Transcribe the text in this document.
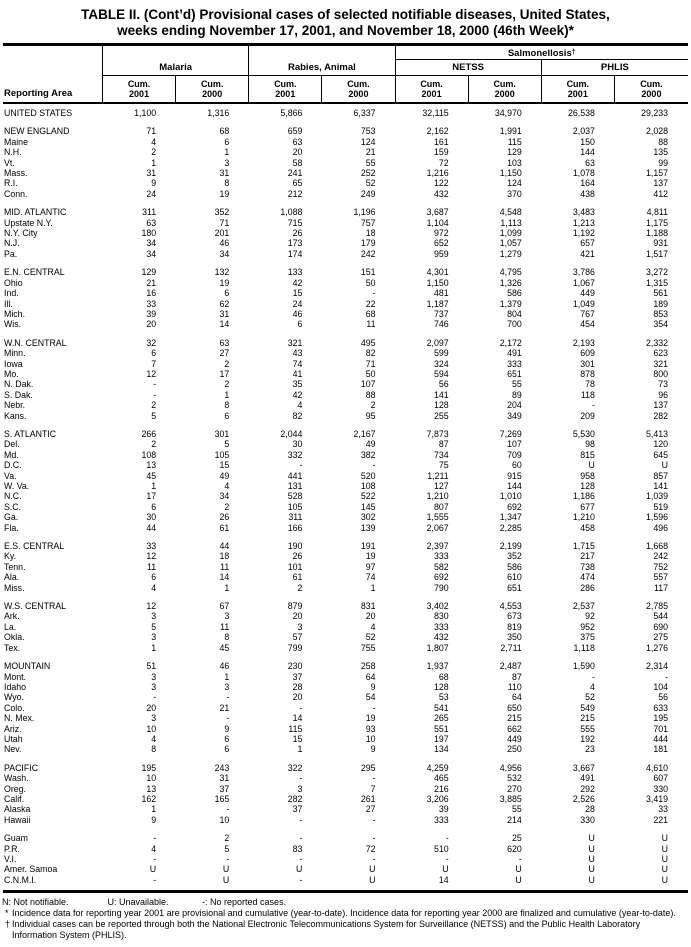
TABLE II. (Cont’d) Provisional cases of selected notifiable diseases, United States,
weeks ending November 17, 2001, and November 18, 2000 (46th Week)*
Salmonellosis†
Malaria	Rabies, Animal	NETSS	PHLIS
Reporting Area
Cum.
2001
Cum.
2000
Cum.
2001
Cum.
2000
Cum.
2001
Cum.
2000
Cum.
2001
Cum.
2000
UNITED STATES	1,100	1,316	5,866	6,337	32,115	34,970	26,538	29,233
NEW ENGLAND	71	68	659	753	2,162	1,991	2,037	2,028
Maine	4	6	63	124	161	115	150	88
N.H.	2	1	20	21	159	129	144	135
Vt.	1	3	58	55	72	103	63	99
Mass.	31	31	241	252	1,216	1,150	1,078	1,157
R.I.	9	8	65	52	122	124	164	137
Conn.	24	19	212	249	432	370	438	412
MID. ATLANTIC	311	352	1,088	1,196	3,687	4,548	3,483	4,811
Upstate N.Y.	63	71	715	757	1,104	1,113	1,213	1,175
N.Y. City	180	201	26	18	972	1,099	1,192	1,188
N.J.	34	46	173	179	652	1,057	657	931
Pa.	34	34	174	242	959	1,279	421	1,517
E.N. CENTRAL	129	132	133	151	4,301	4,795	3,786	3,272
Ohio	21	19	42	50	1,150	1,326	1,067	1,315
Ind.	16	6	15	-	481	586	449	561
Ill.	33	62	24	22	1,187	1,379	1,049	189
Mich.	39	31	46	68	737	804	767	853
Wis.	20	14	6	11	746	700	454	354
W.N. CENTRAL	32	63	321	495	2,097	2,172	2,193	2,332
Minn.	6	27	43	82	599	491	609	623
Iowa	7	2	74	71	324	333	301	321
Mo.	12	17	41	50	594	651	878	800
N. Dak.	-	2	35	107	56	55	78	73
S. Dak.	-	1	42	88	141	89	118	96
Nebr.	2	8	4	2	128	204	-	137
Kans.	5	6	82	95	255	349	209	282
S. ATLANTIC	266	301	2,044	2,167	7,873	7,269	5,530	5,413
Del.	2	5	30	49	87	107	98	120
Md.	108	105	332	382	734	709	815	645
D.C.	13	15	-	-	75	60	U	U
Va.	45	49	441	520	1,211	915	958	857
W. Va.	1	4	131	108	127	144	128	141
N.C.	17	34	528	522	1,210	1,010	1,186	1,039
S.C.	6	2	105	145	807	692	677	519
Ga.	30	26	311	302	1,555	1,347	1,210	1,596
Fla.	44	61	166	139	2,067	2,285	458	496
E.S. CENTRAL	33	44	190	191	2,397	2,199	1,715	1,668
Ky.	12	18	26	19	333	352	217	242
Tenn.	11	11	101	97	582	586	738	752
Ala.	6	14	61	74	692	610	474	557
Miss.	4	1	2	1	790	651	286	117
W.S. CENTRAL	12	67	879	831	3,402	4,553	2,537	2,785
Ark.	3	3	20	20	830	673	92	544
La.	5	11	3	4	333	819	952	690
Okla.	3	8	57	52	432	350	375	275
Tex.	1	45	799	755	1,807	2,711	1,118	1,276
MOUNTAIN	51	46	230	258	1,937	2,487	1,590	2,314
Mont.	3	1	37	64	68	87	-	-
Idaho	3	3	28	9	128	110	4	104
Wyo.	-	-	20	54	53	64	52	56
Colo.	20	21	-	-	541	650	549	633
N. Mex.	3	-	14	19	265	215	215	195
Ariz.	10	9	115	93	551	662	555	701
Utah	4	6	15	10	197	449	192	444
Nev.	8	6	1	9	134	250	23	181
PACIFIC	195	243	322	295	4,259	4,956	3,667	4,610
Wash.	10	31	-	-	465	532	491	607
Oreg.	13	37	3	7	216	270	292	330
Calif.	162	165	282	261	3,206	3,885	2,526	3,419
Alaska	1	-	37	27	39	55	28	33
Hawaii	9	10	-	-	333	214	330	221
Guam	-	2	-	-	-	25	U	U
P.R.	4	5	83	72	510	620	U	U
V.I.	-	-	-	-	-	-	U	U
Amer. Samoa	U	U	U	U	U	U	U	U
C.N.M.I.	-	U	-	U	14	U	U	U
N: Not notifiable.	U: Unavailable.	-: No reported cases.
* Incidence data for reporting year 2001 are provisional and cumulative (year-to-date). Incidence data for reporting year 2000 are finalized and cumulative (year-to-date).
† Individual cases can be reported through both the National Electronic Telecommunications System for Surveillance (NETSS) and the Public Health Laboratory Information System (PHLIS).
